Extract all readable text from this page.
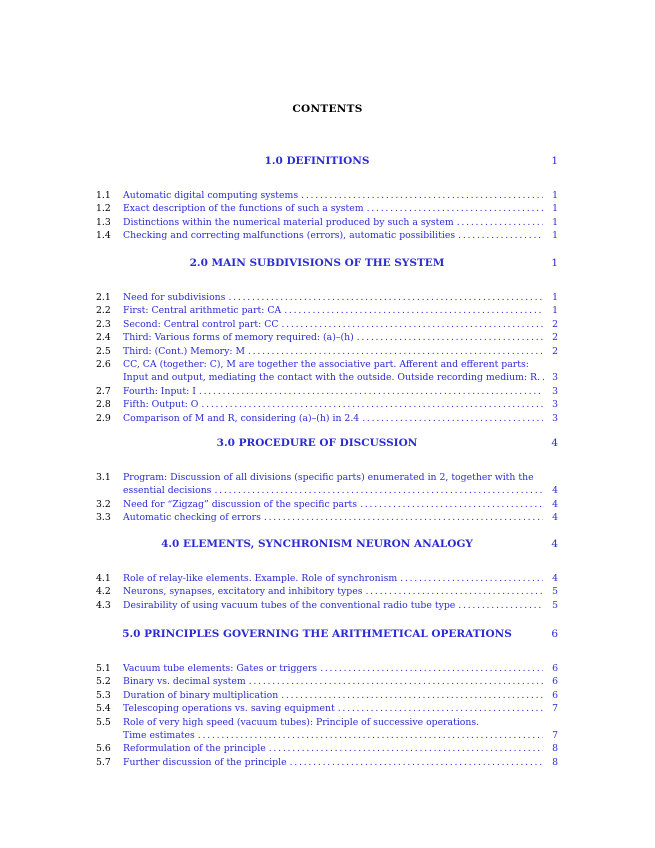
CONTENTS
1.0 DEFINITIONS	1
1.1 Automatic digital computing systems . . .	1
1.2 Exact description of the functions of such a system . . .	1
1.3 Distinctions within the numerical material produced by such a system . . .	1
1.4 Checking and correcting malfunctions (errors), automatic possibilities . . .	1
2.0 MAIN SUBDIVISIONS OF THE SYSTEM	1
2.1 Need for subdivisions . . .	1
2.2 First: Central arithmetic part: CA . . .	1
2.3 Second: Central control part: CC . . .	2
2.4 Third: Various forms of memory required: (a)–(h) . . .	2
2.5 Third: (Cont.) Memory: M . . .	2
2.6 CC, CA (together: C), M are together the associative part. Afferent and efferent parts:
Input and output, mediating the contact with the outside. Outside recording medium: R. . . .	3
2.7 Fourth: Input: I . . .	3
2.8 Fifth: Output: O . . .	3
2.9 Comparison of M and R, considering (a)–(h) in 2.4 . . .	3
3.0 PROCEDURE OF DISCUSSION	4
3.1 Program: Discussion of all divisions (specific parts) enumerated in 2, together with the
essential decisions . . .	4
3.2 Need for “Zigzag” discussion of the specific parts . . .	4
3.3 Automatic checking of errors . . .	4
4.0 ELEMENTS, SYNCHRONISM NEURON ANALOGY	4
4.1 Role of relay-like elements. Example. Role of synchronism . . .	4
4.2 Neurons, synapses, excitatory and inhibitory types . . .	5
4.3 Desirability of using vacuum tubes of the conventional radio tube type . . .	5
5.0 PRINCIPLES GOVERNING THE ARITHMETICAL OPERATIONS	6
5.1 Vacuum tube elements: Gates or triggers . . .	6
5.2 Binary vs. decimal system . . .	6
5.3 Duration of binary multiplication . . .	6
5.4 Telescoping operations vs. saving equipment . . .	7
5.5 Role of very high speed (vacuum tubes): Principle of successive operations.
Time estimates . . .	7
5.6 Reformulation of the principle . . .	8
5.7 Further discussion of the principle . . .	8
